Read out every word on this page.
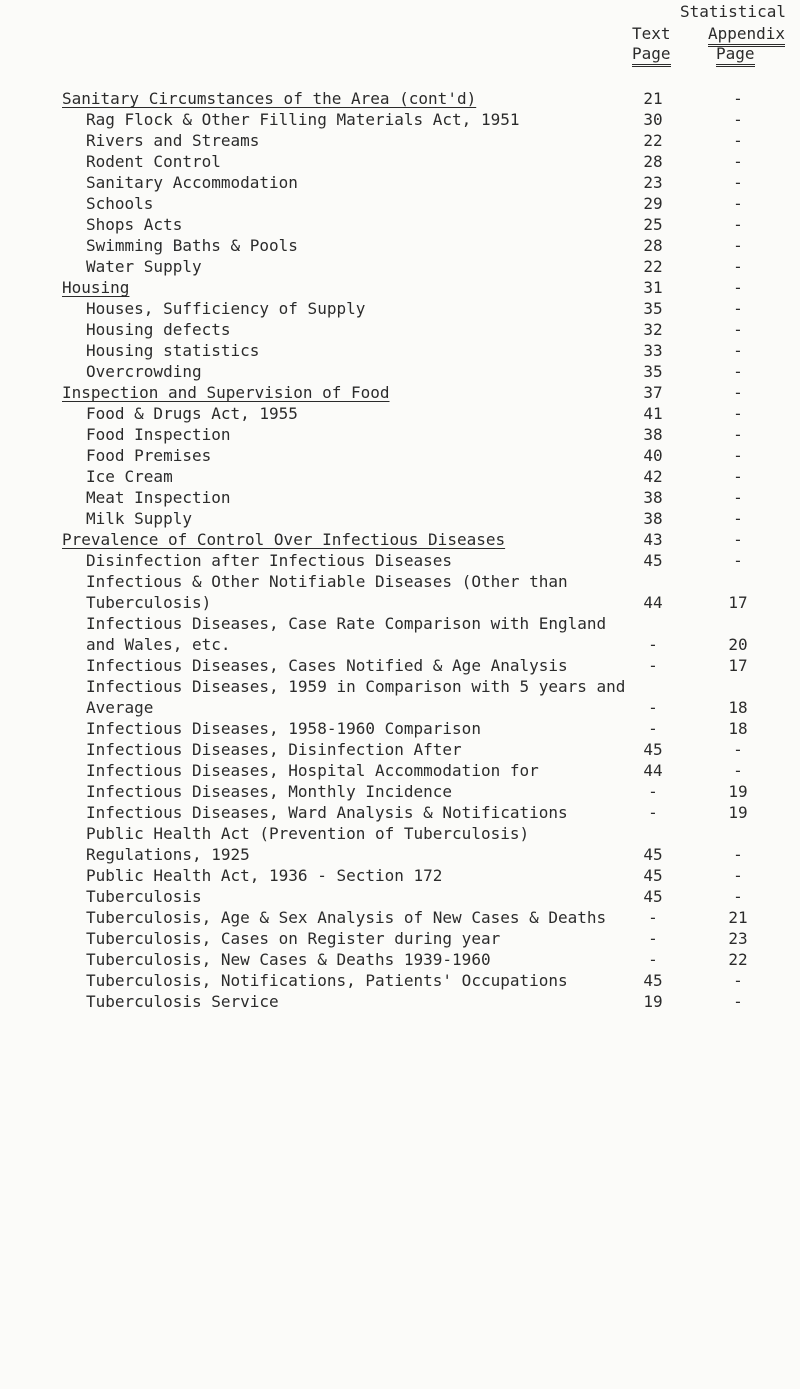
Statistical
Text Appendix
Page	Page
Sanitary Circumstances of the Area (cont'd)	21	-
Rag Flock & Other Filling Materials Act, 1951	30	-
Rivers and Streams	22	-
Rodent Control	28	-
Sanitary Accommodation	23	-
Schools	29	-
Shops Acts	25	-
Swimming Baths & Pools	28	-
Water Supply	22	-
Housing	31	-
Houses, Sufficiency of Supply	35	-
Housing defects	32	-
Housing statistics	33	-
Overcrowding	35	-
Inspection and Supervision of Food	37	-
Food & Drugs Act, 1955	41	-
Food Inspection	38	-
Food Premises	40	-
Ice Cream	42	-
Meat Inspection	38	-
Milk Supply	38	-
Prevalence of Control Over Infectious Diseases	43	-
Disinfection after Infectious Diseases	45	-
Infectious & Other Notifiable Diseases (Other than Tuberculosis)	44	17
Infectious Diseases, Case Rate Comparison with England and Wales, etc.	-	20
Infectious Diseases, Cases Notified & Age Analysis	-	17
Infectious Diseases, 1959 in Comparison with 5 years and Average	-	18
Infectious Diseases, 1958-1960 Comparison	-	18
Infectious Diseases, Disinfection After	45	-
Infectious Diseases, Hospital Accommodation for	44	-
Infectious Diseases, Monthly Incidence	-	19
Infectious Diseases, Ward Analysis & Notifications	-	19
Public Health Act (Prevention of Tuberculosis) Regulations, 1925	45	-
Public Health Act, 1936 - Section 172	45	-
Tuberculosis	45	-
Tuberculosis, Age & Sex Analysis of New Cases & Deaths	-	21
Tuberculosis, Cases on Register during year	-	23
Tuberculosis, New Cases & Deaths 1939-1960	-	22
Tuberculosis, Notifications, Patients' Occupations	45	-
Tuberculosis Service	19	-
